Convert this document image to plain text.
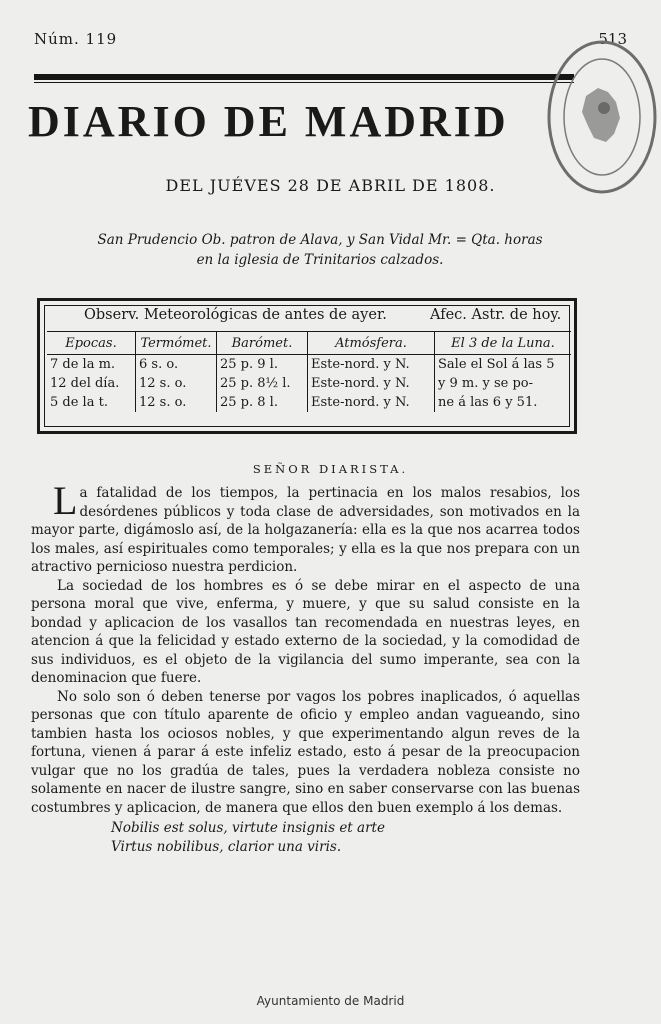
Núm. 119	513
DIARIO DE MADRID
DEL JUÉVES 28 DE ABRIL DE 1808.
San Prudencio Ob. patron de Alava, y San Vidal Mr. = Qta. horas
en la iglesia de Trinitarios calzados.
Observ. Meteorológicas de antes de ayer.	Afec. Astr. de hoy.
Epocas.	Termómet.	Barómet.	Atmósfera.	El 3 de la Luna.
7 de la m.	6 s. o.	25 p. 9 l.	Este-nord. y N.	Sale el Sol á las 5
12 del día.	12 s. o.	25 p. 8½ l.	Este-nord. y N.	y 9 m. y se po-
5 de la t.	12 s. o.	25 p. 8 l.	Este-nord. y N.	ne á las 6 y 51.
SEÑOR DIARISTA.

La fatalidad de los tiempos, la pertinacia en los malos resabios, los desórdenes públicos y toda clase de adversidades, son motivados en la mayor parte, digámoslo así, de la holgazanería: ella es la que nos acarrea todos los males, así espirituales como temporales; y ella es la que nos prepara con un atractivo pernicioso nuestra perdicion.

La sociedad de los hombres es ó se debe mirar en el aspecto de una persona moral que vive, enferma, y muere, y que su salud consiste en la bondad y aplicacion de los vasallos tan recomendada en nuestras leyes, en atencion á que la felicidad y estado externo de la sociedad, y la comodidad de sus individuos, es el objeto de la vigilancia del sumo imperante, sea con la denominacion que fuere.

No solo son ó deben tenerse por vagos los pobres inaplicados, ó aquellas personas que con título aparente de oficio y empleo andan vagueando, sino tambien hasta los ociosos nobles, y que experimentando algun reves de la fortuna, vienen á parar á este infeliz estado, esto á pesar de la preocupacion vulgar que no los gradúa de tales, pues la verdadera nobleza consiste no solamente en nacer de ilustre sangre, sino en saber conservarse con las buenas costumbres y aplicacion, de manera que ellos den buen exemplo á los demas.

Nobilis est solus, virtute insignis et arte
Virtus nobilibus, clarior una viris.
Ayuntamiento de Madrid
